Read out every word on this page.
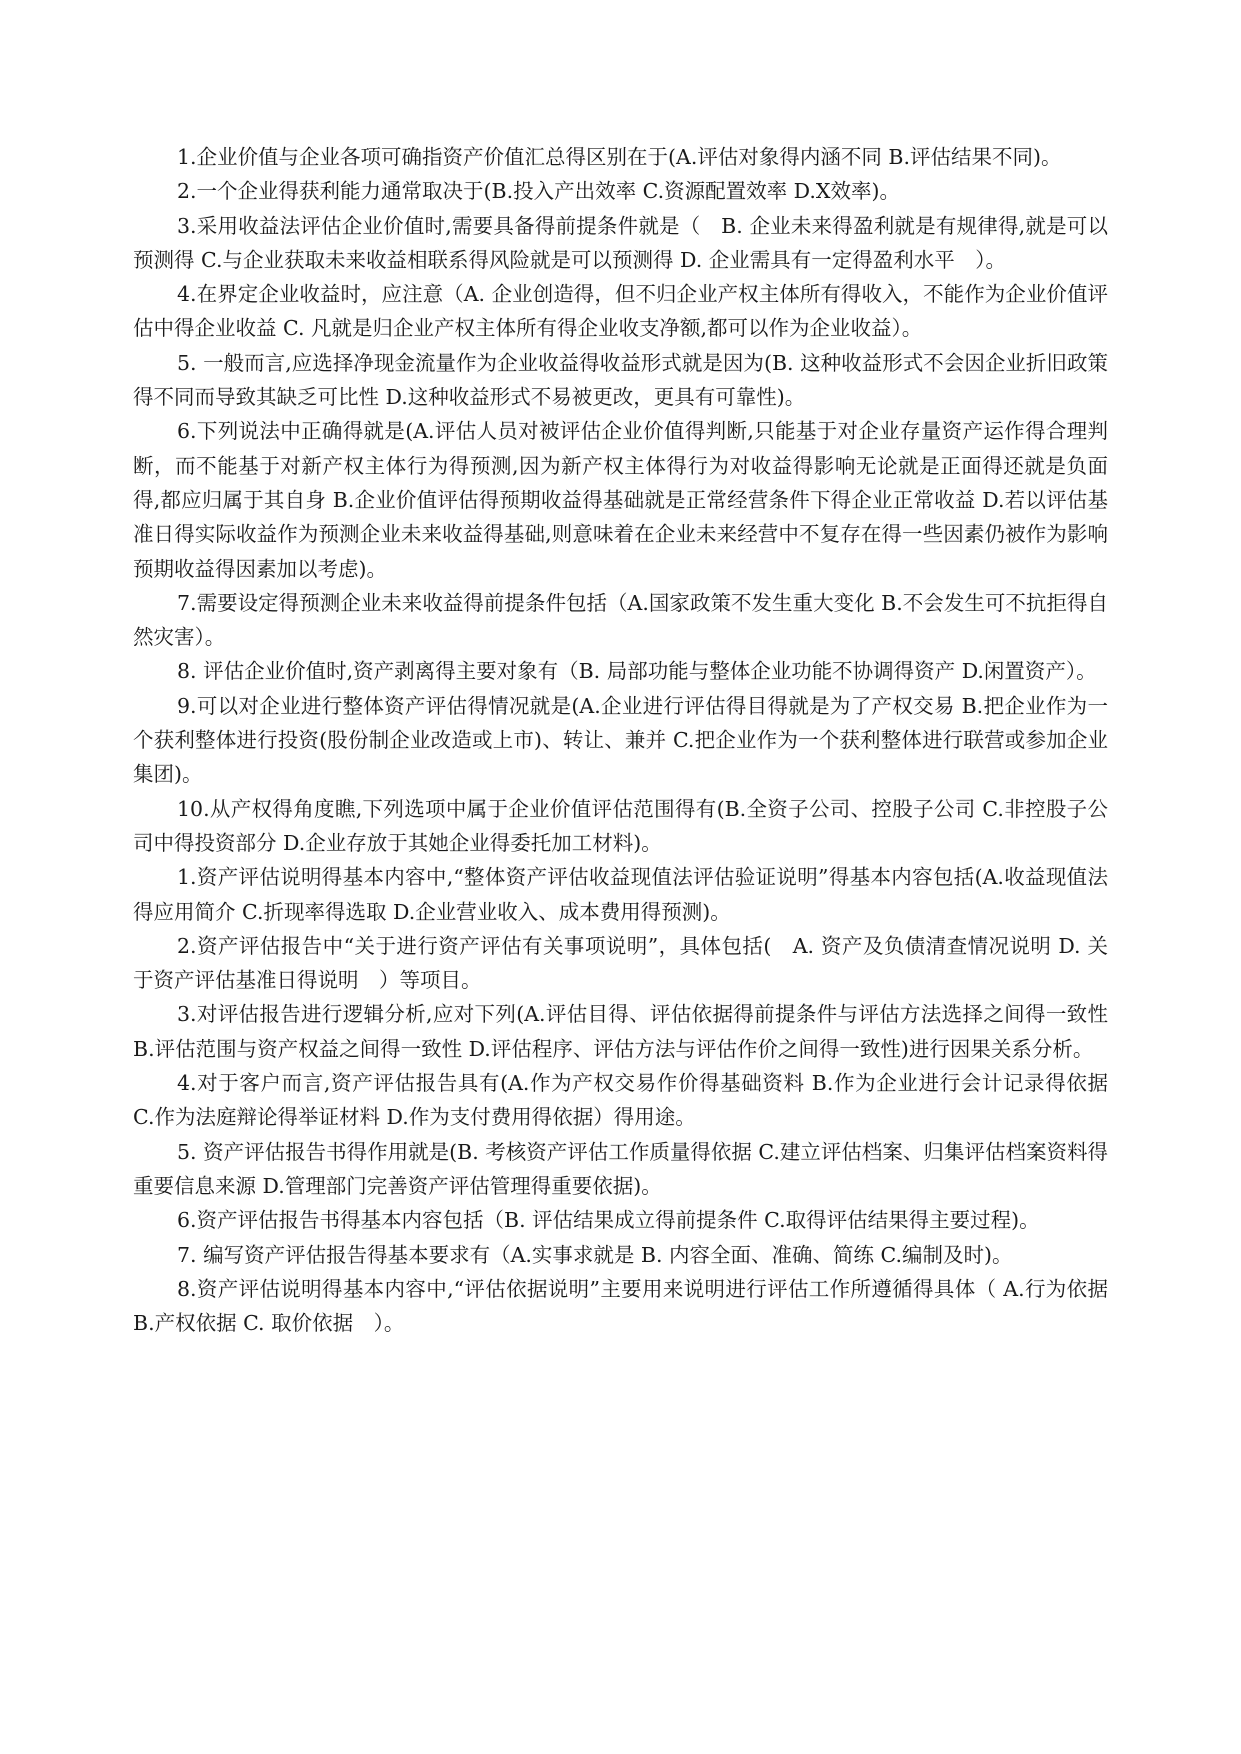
1.企业价值与企业各项可确指资产价值汇总得区别在于(A.评估对象得内涵不同 B.评估结果不同)。

2.一个企业得获利能力通常取决于(B.投入产出效率 C.资源配置效率 D.X效率)。

3.采用收益法评估企业价值时,需要具备得前提条件就是（　B. 企业未来得盈利就是有规律得,就是可以预测得 C.与企业获取未来收益相联系得风险就是可以预测得 D. 企业需具有一定得盈利水平　）。

4.在界定企业收益时，应注意（A. 企业创造得，但不归企业产权主体所有得收入，不能作为企业价值评估中得企业收益 C. 凡就是归企业产权主体所有得企业收支净额,都可以作为企业收益）。

5. 一般而言,应选择净现金流量作为企业收益得收益形式就是因为(B. 这种收益形式不会因企业折旧政策得不同而导致其缺乏可比性 D.这种收益形式不易被更改，更具有可靠性)。

6.下列说法中正确得就是(A.评估人员对被评估企业价值得判断,只能基于对企业存量资产运作得合理判断，而不能基于对新产权主体行为得预测,因为新产权主体得行为对收益得影响无论就是正面得还就是负面得,都应归属于其自身 B.企业价值评估得预期收益得基础就是正常经营条件下得企业正常收益 D.若以评估基准日得实际收益作为预测企业未来收益得基础,则意味着在企业未来经营中不复存在得一些因素仍被作为影响预期收益得因素加以考虑)。

7.需要设定得预测企业未来收益得前提条件包括（A.国家政策不发生重大变化 B.不会发生可不抗拒得自然灾害）。

8. 评估企业价值时,资产剥离得主要对象有（B. 局部功能与整体企业功能不协调得资产 D.闲置资产）。

9.可以对企业进行整体资产评估得情况就是(A.企业进行评估得目得就是为了产权交易 B.把企业作为一个获利整体进行投资(股份制企业改造或上市)、转让、兼并 C.把企业作为一个获利整体进行联营或参加企业集团)。

10.从产权得角度瞧,下列选项中属于企业价值评估范围得有(B.全资子公司、控股子公司 C.非控股子公司中得投资部分 D.企业存放于其她企业得委托加工材料)。

1.资产评估说明得基本内容中,“整体资产评估收益现值法评估验证说明”得基本内容包括(A.收益现值法得应用简介 C.折现率得选取 D.企业营业收入、成本费用得预测)。

2.资产评估报告中“关于进行资产评估有关事项说明”，具体包括(　A. 资产及负债清查情况说明 D. 关于资产评估基准日得说明　）等项目。

3.对评估报告进行逻辑分析,应对下列(A.评估目得、评估依据得前提条件与评估方法选择之间得一致性 B.评估范围与资产权益之间得一致性 D.评估程序、评估方法与评估作价之间得一致性)进行因果关系分析。

4.对于客户而言,资产评估报告具有(A.作为产权交易作价得基础资料 B.作为企业进行会计记录得依据 C.作为法庭辩论得举证材料 D.作为支付费用得依据）得用途。

5. 资产评估报告书得作用就是(B. 考核资产评估工作质量得依据 C.建立评估档案、归集评估档案资料得重要信息来源 D.管理部门完善资产评估管理得重要依据)。

6.资产评估报告书得基本内容包括（B. 评估结果成立得前提条件 C.取得评估结果得主要过程)。

7. 编写资产评估报告得基本要求有（A.实事求就是 B. 内容全面、准确、简练 C.编制及时)。

8.资产评估说明得基本内容中,“评估依据说明”主要用来说明进行评估工作所遵循得具体（ A.行为依据 B.产权依据 C. 取价依据　）。
